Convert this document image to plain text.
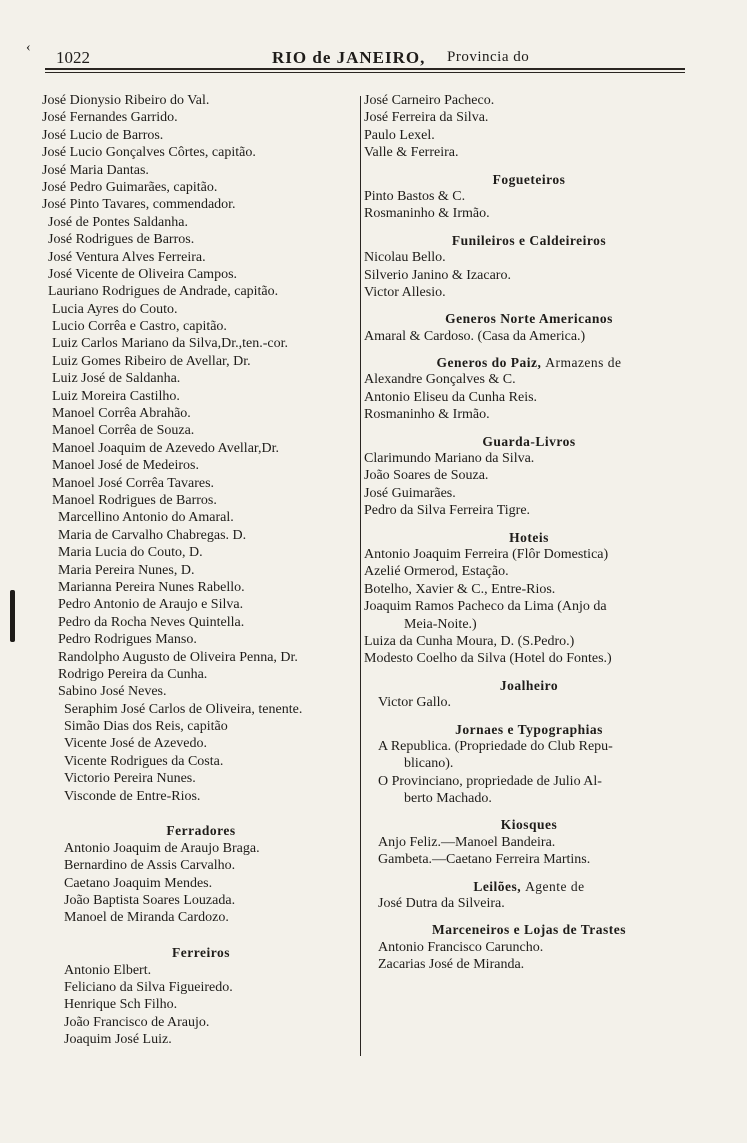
1022	RIO de JANEIRO, Provincia do
‹
José Dionysio Ribeiro do Val.
José Fernandes Garrido.
José Lucio de Barros.
José Lucio Gonçalves Côrtes, capitão.
José Maria Dantas.
José Pedro Guimarães, capitão.
José Pinto Tavares, commendador.
José de Pontes Saldanha.
José Rodrigues de Barros.
José Ventura Alves Ferreira.
José Vicente de Oliveira Campos.
Lauriano Rodrigues de Andrade, capitão.
Lucia Ayres do Couto.
Lucio Corrêa e Castro, capitão.
Luiz Carlos Mariano da Silva,Dr.,ten.-cor.
Luiz Gomes Ribeiro de Avellar, Dr.
Luiz José de Saldanha.
Luiz Moreira Castilho.
Manoel Corrêa Abrahão.
Manoel Corrêa de Souza.
Manoel Joaquim de Azevedo Avellar,Dr.
Manoel José de Medeiros.
Manoel José Corrêa Tavares.
Manoel Rodrigues de Barros.
Marcellino Antonio do Amaral.
Maria de Carvalho Chabregas. D.
Maria Lucia do Couto, D.
Maria Pereira Nunes, D.
Marianna Pereira Nunes Rabello.
Pedro Antonio de Araujo e Silva.
Pedro da Rocha Neves Quintella.
Pedro Rodrigues Manso.
Randolpho Augusto de Oliveira Penna, Dr.
Rodrigo Pereira da Cunha.
Sabino José Neves.
Seraphim José Carlos de Oliveira, tenente.
Simão Dias dos Reis, capitão
Vicente José de Azevedo.
Vicente Rodrigues da Costa.
Victorio Pereira Nunes.
Visconde de Entre-Rios.
Ferradores
Antonio Joaquim de Araujo Braga.
Bernardino de Assis Carvalho.
Caetano Joaquim Mendes.
João Baptista Soares Louzada.
Manoel de Miranda Cardozo.
Ferreiros
Antonio Elbert.
Feliciano da Silva Figueiredo.
Henrique Sch Filho.
João Francisco de Araujo.
Joaquim José Luiz.
José Carneiro Pacheco.
José Ferreira da Silva.
Paulo Lexel.
Valle & Ferreira.
Fogueteiros
Pinto Bastos & C.
Rosmaninho & Irmão.
Funileiros e Caldeireiros
Nicolau Bello.
Silverio Janino & Izacaro.
Victor Allesio.
Generos Norte Americanos
Amaral & Cardoso. (Casa da America.)
Generos do Paiz, Armazens de
Alexandre Gonçalves & C.
Antonio Eliseu da Cunha Reis.
Rosmaninho & Irmão.
Guarda-Livros
Clarimundo Mariano da Silva.
João Soares de Souza.
José Guimarães.
Pedro da Silva Ferreira Tigre.
Hoteis
Antonio Joaquim Ferreira (Flôr Domestica)
Azelié Ormerod, Estação.
Botelho, Xavier & C., Entre-Rios.
Joaquim Ramos Pacheco da Lima (Anjo da
Meia-Noite.)
Luiza da Cunha Moura, D. (S.Pedro.)
Modesto Coelho da Silva (Hotel do Fontes.)
Joalheiro
Victor Gallo.
Jornaes e Typographias
A Republica. (Propriedade do Club Repu-
blicano).
O Provinciano, propriedade de Julio Al-
berto Machado.
Kiosques
Anjo Feliz.—Manoel Bandeira.
Gambeta.—Caetano Ferreira Martins.
Leilões, Agente de
José Dutra da Silveira.
Marceneiros e Lojas de Trastes
Antonio Francisco Caruncho.
Zacarias José de Miranda.
